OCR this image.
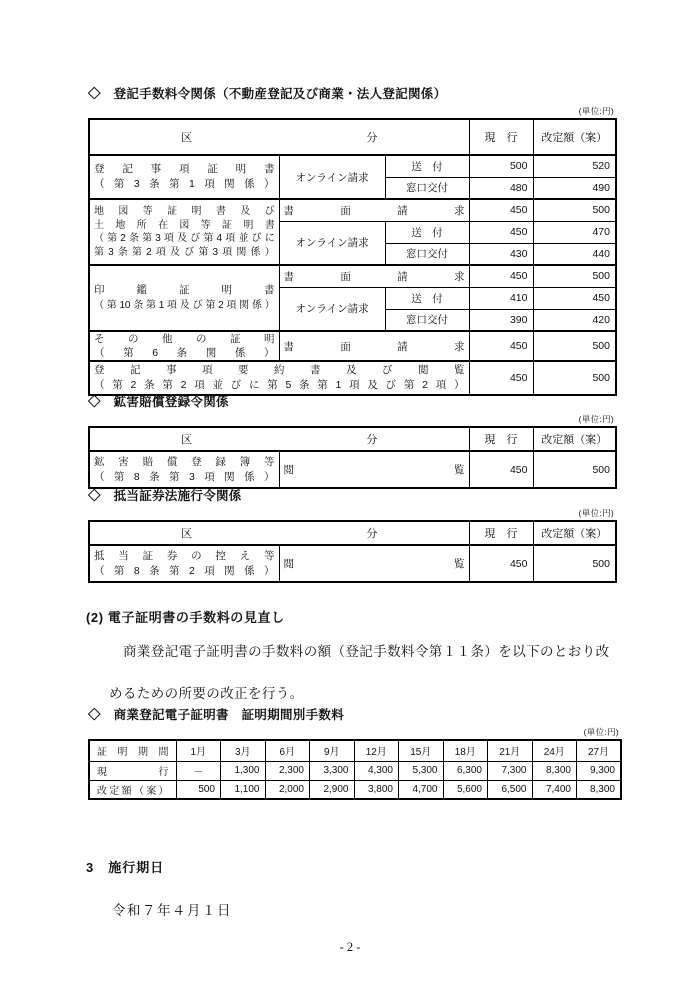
◇　登記手数料令関係（不動産登記及び商業・法人登記関係）
(単位:円)
区 分			現　行	改定額（案）

登記事項証明書
（第3条第1項関係）	オンライン請求	送　付	500	520
		窓口交付	480	490

地図等証明書及び
土地所在図等証明書
（第2条第3項及び第4項並びに
第3条第2項及び第3項関係）	書面請求		450	500
	オンライン請求	送　付	450	470
		窓口交付	430	440

印鑑証明書
（第10条第1項及び第2項関係）	書面請求		450	500
	オンライン請求	送　付	410	450
		窓口交付	390	420

その他の証明
（第6条関係）	書面請求		450	500

登記事項要約書及び閲覧
（第2条第2項並びに第5条第1項及び第2項）			450	500
◇　鉱害賠償登録令関係
(単位:円)
区 分		現　行	改定額（案）

鉱害賠償登録簿等
（第8条第3項関係）	閲覧	450	500
◇　抵当証券法施行令関係
(単位:円)
区 分		現　行	改定額（案）

抵当証券の控え等
（第8条第2項関係）	閲覧	450	500
(2) 電子証明書の手数料の見直し
商業登記電子証明書の手数料の額（登記手数料令第１１条）を以下のとおり改
めるための所要の改正を行う。
◇　商業登記電子証明書　証明期間別手数料
(単位:円)
証明期間	1月	3月	6月	9月	12月	15月	18月	21月	24月	27月
現行	－	1,300	2,300	3,300	4,300	5,300	6,300	7,300	8,300	9,300
改定額（案）	500	1,100	2,000	2,900	3,800	4,700	5,600	6,500	7,400	8,300
3　施行期日
令和７年４月１日
- 2 -
